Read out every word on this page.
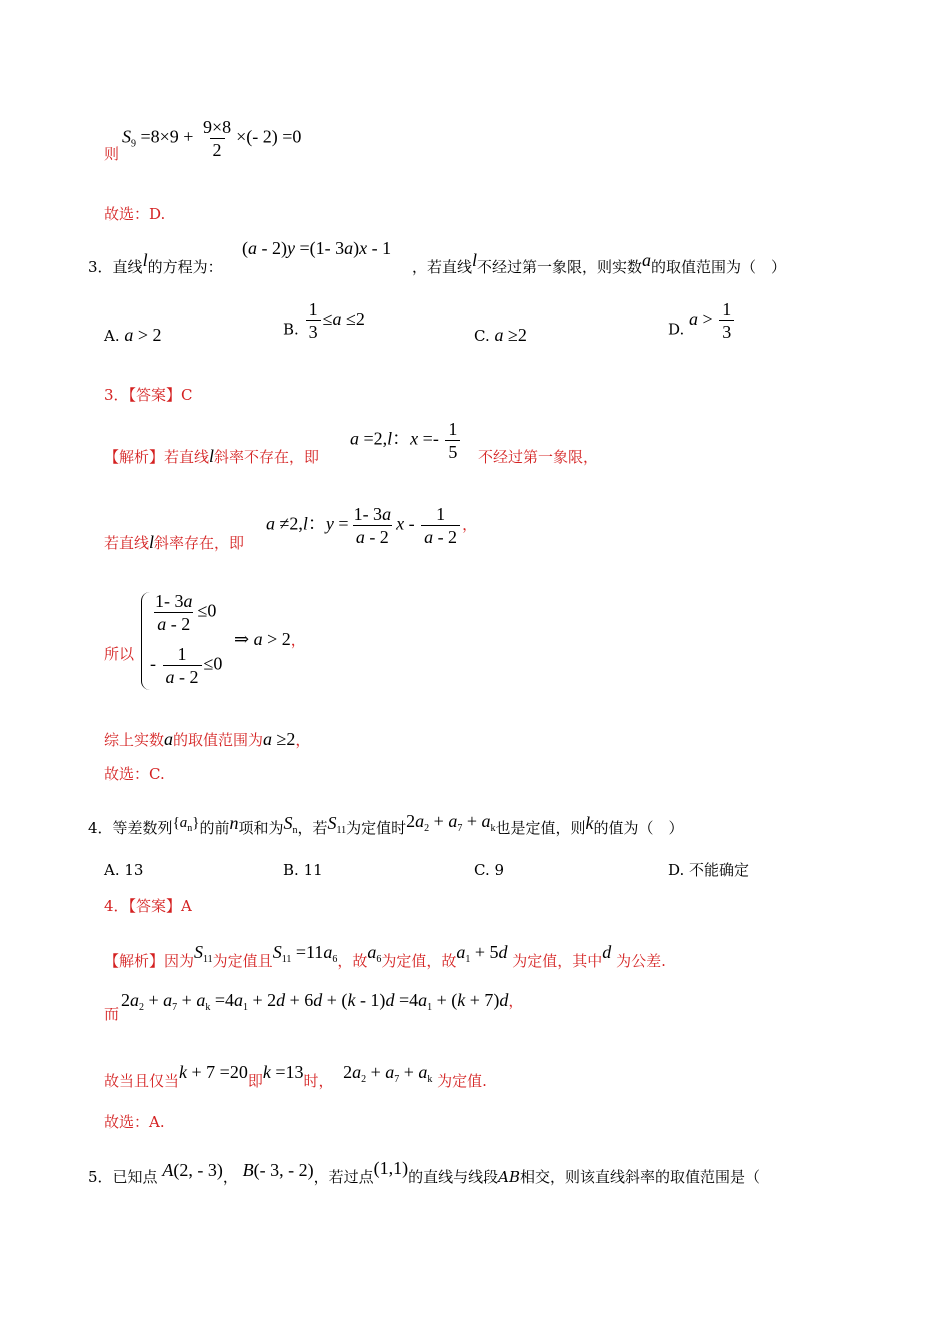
则
$S_9 =8\times 9 + \frac{9\times 8}{2}$ ×(- 2) =0
故选：D.
3．直线l的方程为：
(a - 2)y =(1- 3a)x - 1
，若直线l不经过第一象限，则实数a的取值范围为（　）
A. a > 2	B. $\frac{1}{3} \le a \le 2$
C. a ≥2	D. $a > \frac{1}{3}$
3．【答案】C
【解析】若直线l斜率不存在，即
a =2,l：$x =- \frac{1}{5}$ 不经过第一象限，
若直线l斜率存在，即
a ≠2,l：$y = \frac{1- 3a}{a - 2}$ x - $\frac{1}{a - 2}$ ，
所以
$\frac{1- 3a}{a - 2} \le 0$
- $\frac{1}{a - 2} \le 0$
⇒ a > 2，
综上实数a的取值范围为a ≥2，
故选：C.
4．等差数列$\{a_n\}$的前n项和为$S_n$，若$S_{11}$为定值时$2a_2 + a_7 + a_k$也是定值，则k的值为（　）
A. 13	B. 11	C. 9	D. 不能确定
4．【答案】A
【解析】因为$S_{11}$为定值且$S_{11} =11a_6$，故$a_6$为定值，故$a_1 + 5d$ 为定值，其中d 为公差.
而
$2a_2 + a_7 + a_k =4a_1 + 2d + 6d + (k - 1)d =4a_1 + (k + 7)d$，
故当且仅当k + 7 =20即k =13时， $2a_2 + a_7 + a_k$ 为定值.
故选：A.
5．已知点 A(2, - 3)， B(- 3, - 2)，若过点(1,1)的直线与线段AB相交，则该直线斜率的取值范围是（
